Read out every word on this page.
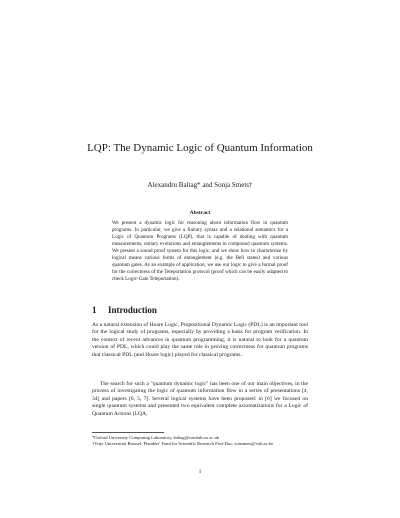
LQP: The Dynamic Logic of Quantum Information
Alexandru Baltag* and Sonja Smets†
Abstract
We present a dynamic logic for reasoning about information flow in quantum programs. In particular, we give a finitary syntax and a relational semantics for a Logic of Quantum Programs (LQP), that is capable of dealing with quantum measurements, unitary evolutions and entanglements in compound quantum systems. We present a sound proof system for this logic, and we show how to characterize by logical means various forms of entanglement (e.g. the Bell states) and various quantum gates. As an example of application, we use our logic to give a formal proof for the correctness of the Teleportation protocol (proof which can be easily adapted to check Logic-Gate Teleportation).
1 Introduction
As a natural extension of Hoare Logic, Propositional Dynamic Logic (PDL) is an important tool for the logical study of programs, especially by providing a basis for program verification. In the context of recent advances in quantum programming, it is natural to look for a quantum version of PDL, which could play the same role in proving correctness for quantum programs that classical PDL (and Hoare logic) played for classical programs.
The search for such a "quantum dynamic logic" has been one of our main objectives, in the process of investigating the logic of quantum information flow in a series of presentations [4, 34] and papers [6, 5, 7]. Several logical systems have been proposed: in [6] we focused on single quantum systems and presented two equivalent complete axiomatizations for a Logic of Quantum Actions (LQA,
*Oxford University Computing Laboratory, baltag@comlab.ox.ac.uk
†Vrije Universiteit Brussel, Flanders' Fund for Scientific Research Post-Doc, sonsmets@vub.ac.be
1
